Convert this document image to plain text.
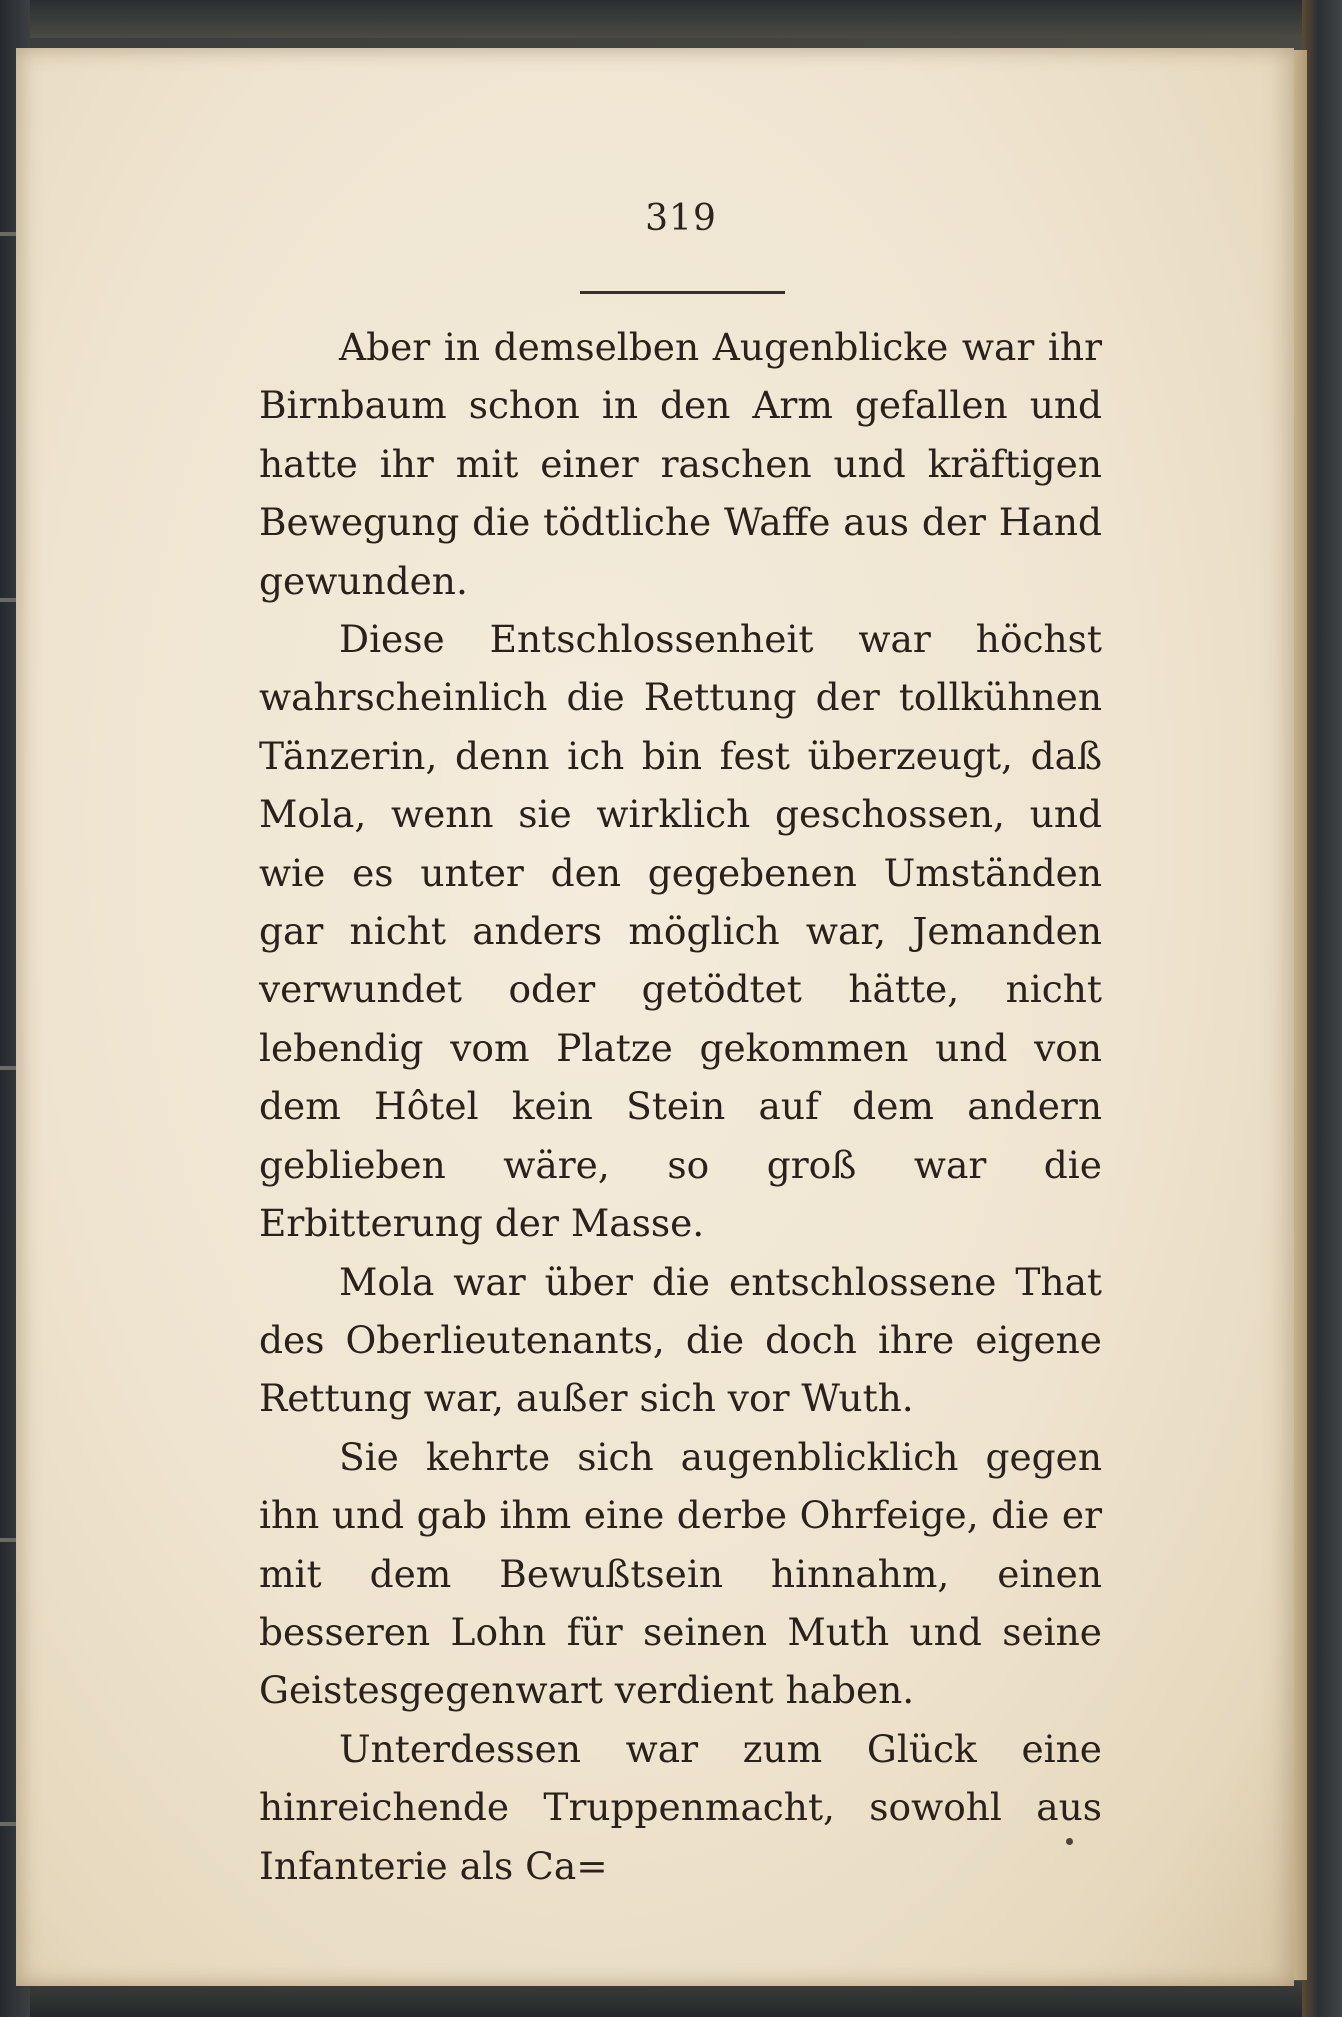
319

Aber in demselben Augenblicke war ihr Birnbaum schon in den Arm gefallen und hatte ihr mit einer raschen und kräftigen Bewegung die tödtliche Waffe aus der Hand gewunden.

Diese Entschlossenheit war höchst wahrscheinlich die Rettung der tollkühnen Tänzerin, denn ich bin fest überzeugt, daß Mola, wenn sie wirklich geschossen, und wie es unter den gegebenen Umständen gar nicht anders möglich war, Jemanden verwundet oder getödtet hätte, nicht lebendig vom Platze gekommen und von dem Hôtel kein Stein auf dem andern geblieben wäre, so groß war die Erbitterung der Masse.

Mola war über die entschlossene That des Oberlieutenants, die doch ihre eigene Rettung war, außer sich vor Wuth.

Sie kehrte sich augenblicklich gegen ihn und gab ihm eine derbe Ohrfeige, die er mit dem Bewußtsein hinnahm, einen besseren Lohn für seinen Muth und seine Geistesgegenwart verdient haben.

Unterdessen war zum Glück eine hinreichende Truppenmacht, sowohl aus Infanterie als Ca=
